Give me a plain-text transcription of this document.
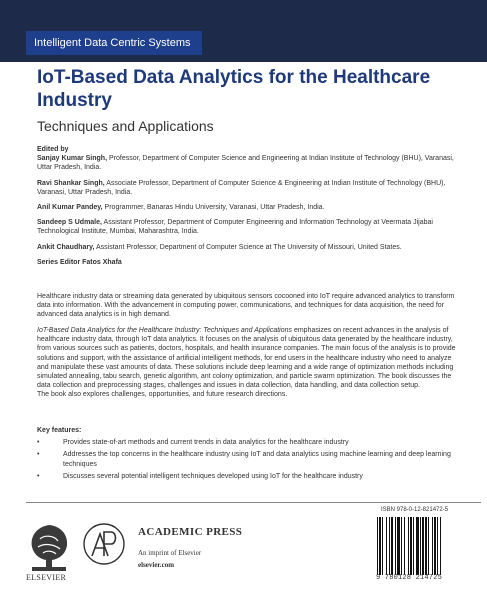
Intelligent Data Centric Systems
IoT-Based Data Analytics for the Healthcare Industry
Techniques and Applications
Edited by
Sanjay Kumar Singh, Professor, Department of Computer Science and Engineering at Indian Institute of Technology (BHU), Varanasi, Uttar Pradesh, India.
Ravi Shankar Singh, Associate Professor, Department of Computer Science & Engineering at Indian Institute of Technology (BHU), Varanasi, Uttar Pradesh, India.
Anil Kumar Pandey, Programmer, Banaras Hindu University, Varanasi, Uttar Pradesh, India.
Sandeep S Udmale, Assistant Professor, Department of Computer Engineering and Information Technology at Veermata Jijabai Technological Institute, Mumbai, Maharashtra, India.
Ankit Chaudhary, Assistant Professor, Department of Computer Science at The University of Missouri, United States.
Series Editor Fatos Xhafa
Healthcare industry data or streaming data generated by ubiquitous sensors cocooned into IoT require advanced analytics to transform data into information. With the advancement in computing power, communications, and techniques for data acquisition, the need for advanced data analytics is in high demand.
IoT-Based Data Analytics for the Healthcare Industry: Techniques and Applications emphasizes on recent advances in the analysis of healthcare industry data, through IoT data analytics. It focuses on the analysis of ubiquitous data generated by the healthcare industry, from various sources such as patients, doctors, hospitals, and health insurance companies. The main focus of the analysis is to provide solutions and support, with the assistance of artificial intelligent methods, for end users in the healthcare industry who need to analyze and manipulate these vast amounts of data. These solutions include deep learning and a wide range of optimization methods including simulated annealing, tabu search, genetic algorithm, ant colony optimization, and particle swarm optimization. The book discusses the data collection and preprocessing stages, challenges and issues in data collection, data handling, and data collection setup.
The book also explores challenges, opportunities, and future research directions.
Key features:
•	Provides state-of-art methods and current trends in data analytics for the healthcare industry
•	Addresses the top concerns in the healthcare industry using IoT and data analytics using machine learning and deep learning techniques
•	Discusses several potential intelligent techniques developed using IoT for the healthcare industry
ELSEVIER
ACADEMIC PRESS
An imprint of Elsevier
elsevier.com
ISBN 978-0-12-821472-5
9 780128 214725
